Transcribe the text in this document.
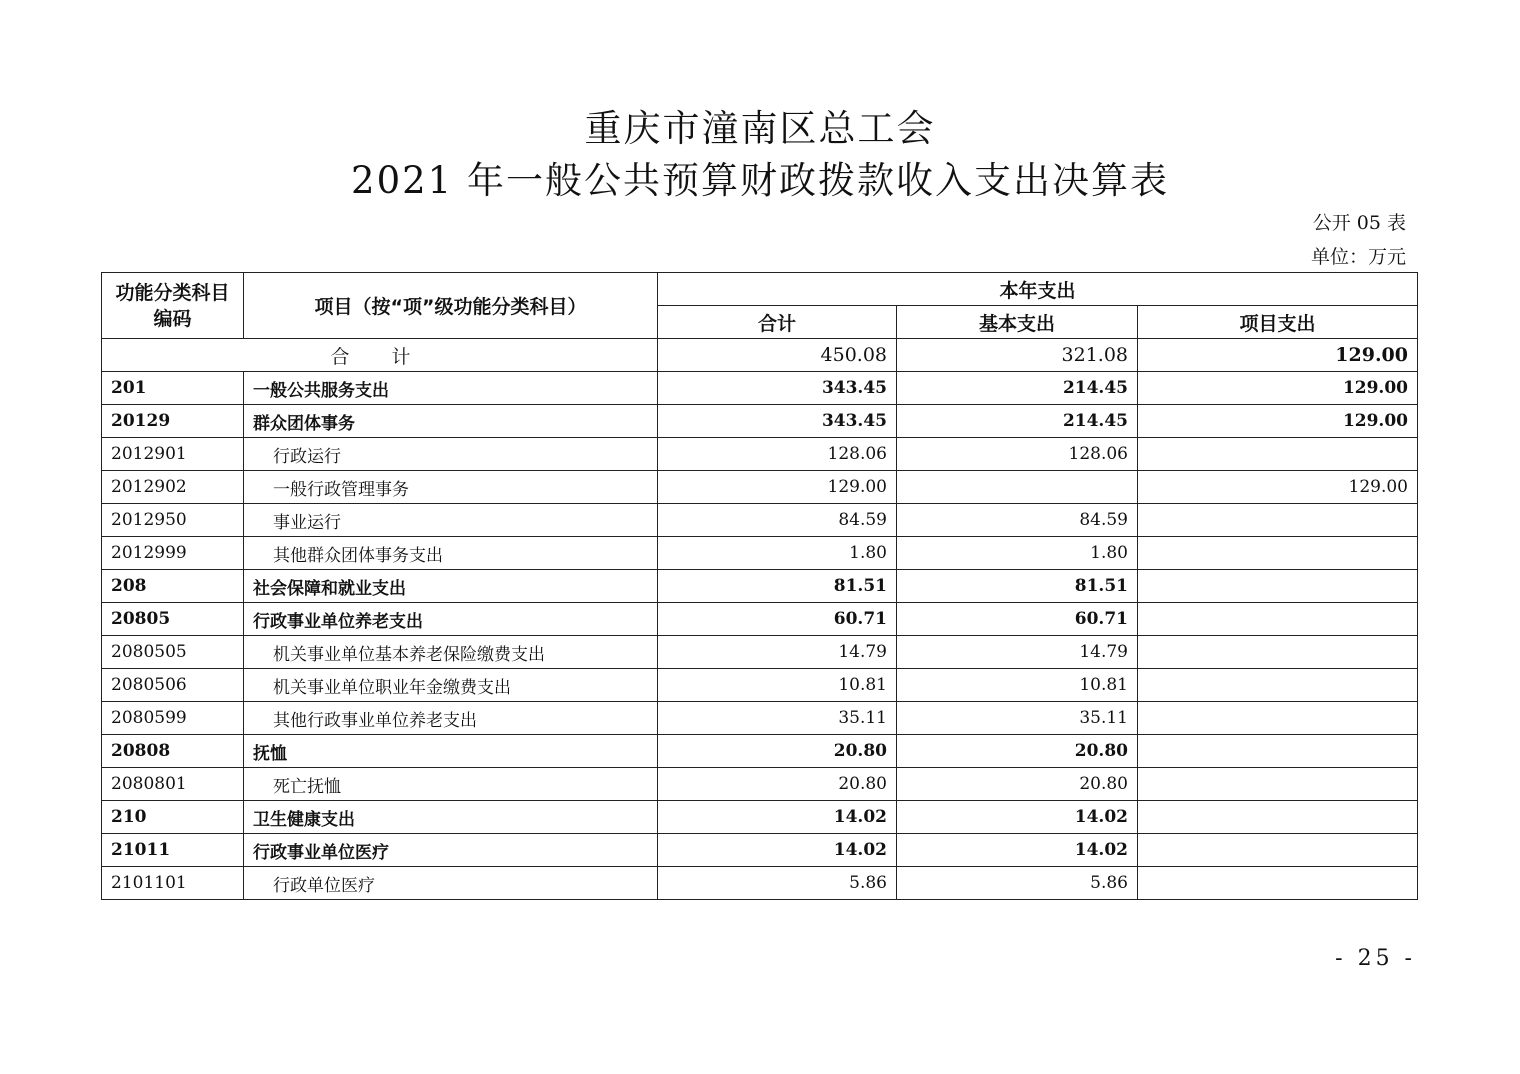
重庆市潼南区总工会
2021 年一般公共预算财政拨款收入支出决算表
公开 05 表
单位：万元
功能分类科目编码	项目（按“项”级功能分类科目）	本年支出		
		合计	基本支出	项目支出
合 计		450.08	321.08	129.00
201	一般公共服务支出	343.45	214.45	129.00
20129	群众团体事务	343.45	214.45	129.00
2012901	行政运行	128.06	128.06	
2012902	一般行政管理事务	129.00		129.00
2012950	事业运行	84.59	84.59	
2012999	其他群众团体事务支出	1.80	1.80	
208	社会保障和就业支出	81.51	81.51	
20805	行政事业单位养老支出	60.71	60.71	
2080505	机关事业单位基本养老保险缴费支出	14.79	14.79	
2080506	机关事业单位职业年金缴费支出	10.81	10.81	
2080599	其他行政事业单位养老支出	35.11	35.11	
20808	抚恤	20.80	20.80	
2080801	死亡抚恤	20.80	20.80	
210	卫生健康支出	14.02	14.02	
21011	行政事业单位医疗	14.02	14.02	
2101101	行政单位医疗	5.86	5.86	
- 25 -
